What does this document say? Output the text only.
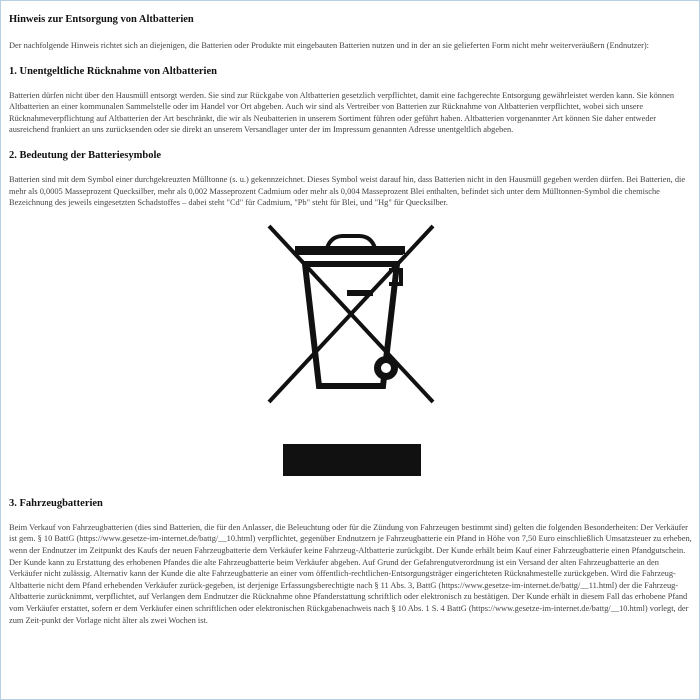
Hinweis zur Entsorgung von Altbatterien

Der nachfolgende Hinweis richtet sich an diejenigen, die Batterien oder Produkte mit eingebauten Batterien nutzen und in der an sie gelieferten Form nicht mehr weiterveräußern (Endnutzer):

1. Unentgeltliche Rücknahme von Altbatterien

Batterien dürfen nicht über den Hausmüll entsorgt werden. Sie sind zur Rückgabe von Altbatterien gesetzlich verpflichtet, damit eine fachgerechte Entsorgung gewährleistet werden kann. Sie können Altbatterien an einer kommunalen Sammelstelle oder im Handel vor Ort abgeben. Auch wir sind als Vertreiber von Batterien zur Rücknahme von Altbatterien verpflichtet, wobei sich unsere Rücknahmeverpflichtung auf Altbatterien der Art beschränkt, die wir als Neubatterien in unserem Sortiment führen oder geführt haben. Altbatterien vorgenannter Art können Sie daher entweder ausreichend frankiert an uns zurücksenden oder sie direkt an unserem Versandlager unter der im Impressum genannten Adresse unentgeltlich abgeben.

2. Bedeutung der Batteriesymbole

Batterien sind mit dem Symbol einer durchgekreuzten Mülltonne (s. u.) gekennzeichnet. Dieses Symbol weist darauf hin, dass Batterien nicht in den Hausmüll gegeben werden dürfen. Bei Batterien, die mehr als 0,0005 Masseprozent Quecksilber, mehr als 0,002 Masseprozent Cadmium oder mehr als 0,004 Masseprozent Blei enthalten, befindet sich unter dem Mülltonnen-Symbol die chemische Bezeichnung des jeweils eingesetzten Schadstoffes – dabei steht "Cd" für Cadmium, "Pb" steht für Blei, und "Hg" für Quecksilber.

3. Fahrzeugbatterien

Beim Verkauf von Fahrzeugbatterien (dies sind Batterien, die für den Anlasser, die Beleuchtung oder für die Zündung von Fahrzeugen bestimmt sind) gelten die folgenden Besonderheiten: Der Verkäufer ist gem. § 10 BattG (https://www.gesetze-im-internet.de/battg/__10.html) verpflichtet, gegenüber Endnutzern je Fahrzeugbatterie ein Pfand in Höhe von 7,50 Euro einschließlich Umsatzsteuer zu erheben, wenn der Endnutzer im Zeitpunkt des Kaufs der neuen Fahrzeugbatterie dem Verkäufer keine Fahrzeug-Altbatterie zurückgibt. Der Kunde erhält beim Kauf einer Fahrzeugbatterie einen Pfandgutschein. Der Kunde kann zu Erstattung des erhobenen Pfandes die alte Fahrzeugbatterie beim Verkäufer abgeben. Auf Grund der Gefahrengutverordnung ist ein Versand der alten Fahrzeugbatterie an den Verkäufer nicht zulässig. Alternativ kann der Kunde die alte Fahrzeugbatterie an einer vom öffentlich-rechtlichen-Entsorgungsträger eingerichteten Rücknahmestelle zurückgeben. Wird die Fahrzeug-Altbatterie nicht dem Pfand erhebenden Verkäufer zurück-gegeben, ist derjenige Erfassungsberechtigte nach § 11 Abs. 3, BattG (https://www.gesetze-im-internet.de/battg/__11.html) der die Fahrzeug-Altbatterie zurücknimmt, verpflichtet, auf Verlangen dem Endnutzer die Rücknahme ohne Pfanderstattung schriftlich oder elektronisch zu bestätigen. Der Kunde erhält in diesem Fall das erhobene Pfand vom Verkäufer erstattet, sofern er dem Verkäufer einen schriftlichen oder elektronischen Rückgabenachweis nach § 10 Abs. 1 S. 4 BattG (https://www.gesetze-im-internet.de/battg/__10.html) vorlegt, der zum Zeit-punkt der Vorlage nicht älter als zwei Wochen ist.
